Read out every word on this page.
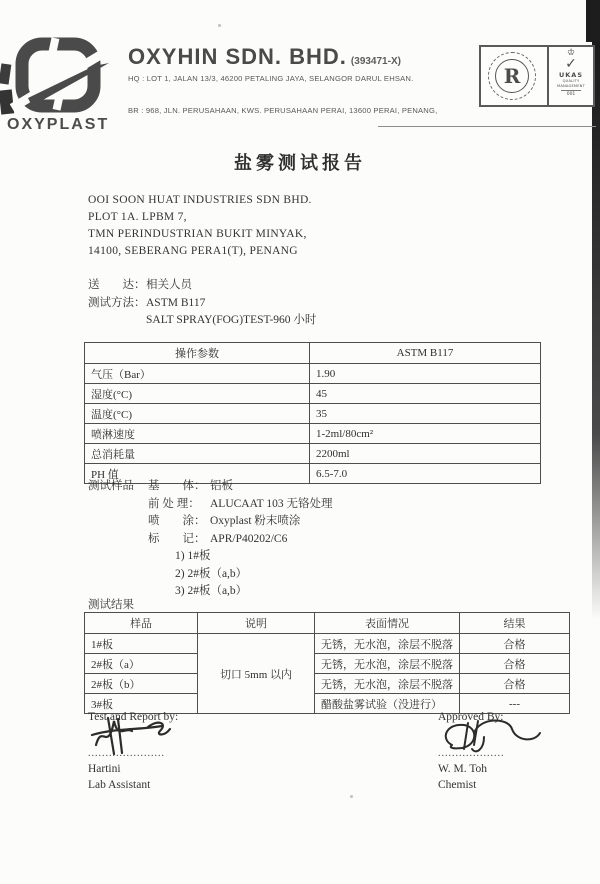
OXYPLAST
OXYHIN SDN. BHD. (393471-X)
HQ : LOT 1, JALAN 13/3, 46200 PETALING JAYA, SELANGOR DARUL EHSAN.
BR : 968, JLN. PERUSAHAAN, KWS. PERUSAHAAN PERAI, 13600 PERAI, PENANG,
R
♔
✓
UKAS
QUALITY
MANAGEMENT
001
盐雾测试报告
OOI SOON HUAT INDUSTRIES SDN BHD.
PLOT 1A. LPBM 7,
TMN PERINDUSTRIAN BUKIT MINYAK,
14100, SEBERANG PERA1(T), PENANG
送　　达：相关人员
测试方法：ASTM B117
SALT SPRAY(FOG)TEST-960 小时
操作参数	ASTM B117
气压（Bar）	1.90
湿度(°C)	45
温度(°C)	35
喷淋速度	1-2ml/80cm²
总消耗量	2200ml
PH 值	6.5-7.0
测试样品	基　　体： 铝板
前 处 理： ALUCAAT 103 无铬处理
喷　　涂： Oxyplast 粉末喷涂
标　　记： APR/P40202/C6
1) 1#板
2) 2#板（a,b）
3) 2#板（a,b）
测试结果
样品	说明	表面情况	结果
1#板	切口 5mm 以内	无锈，无水泡，涂层不脱落	合格
2#板（a）		无锈，无水泡，涂层不脱落	合格
2#板（b）		无锈，无水泡，涂层不脱落	合格
3#板		醋酸盐雾试验（没进行）	---
Test and Report by:
......................
Hartini
Lab Assistant
Approved By:
...................
W. M. Toh
Chemist
